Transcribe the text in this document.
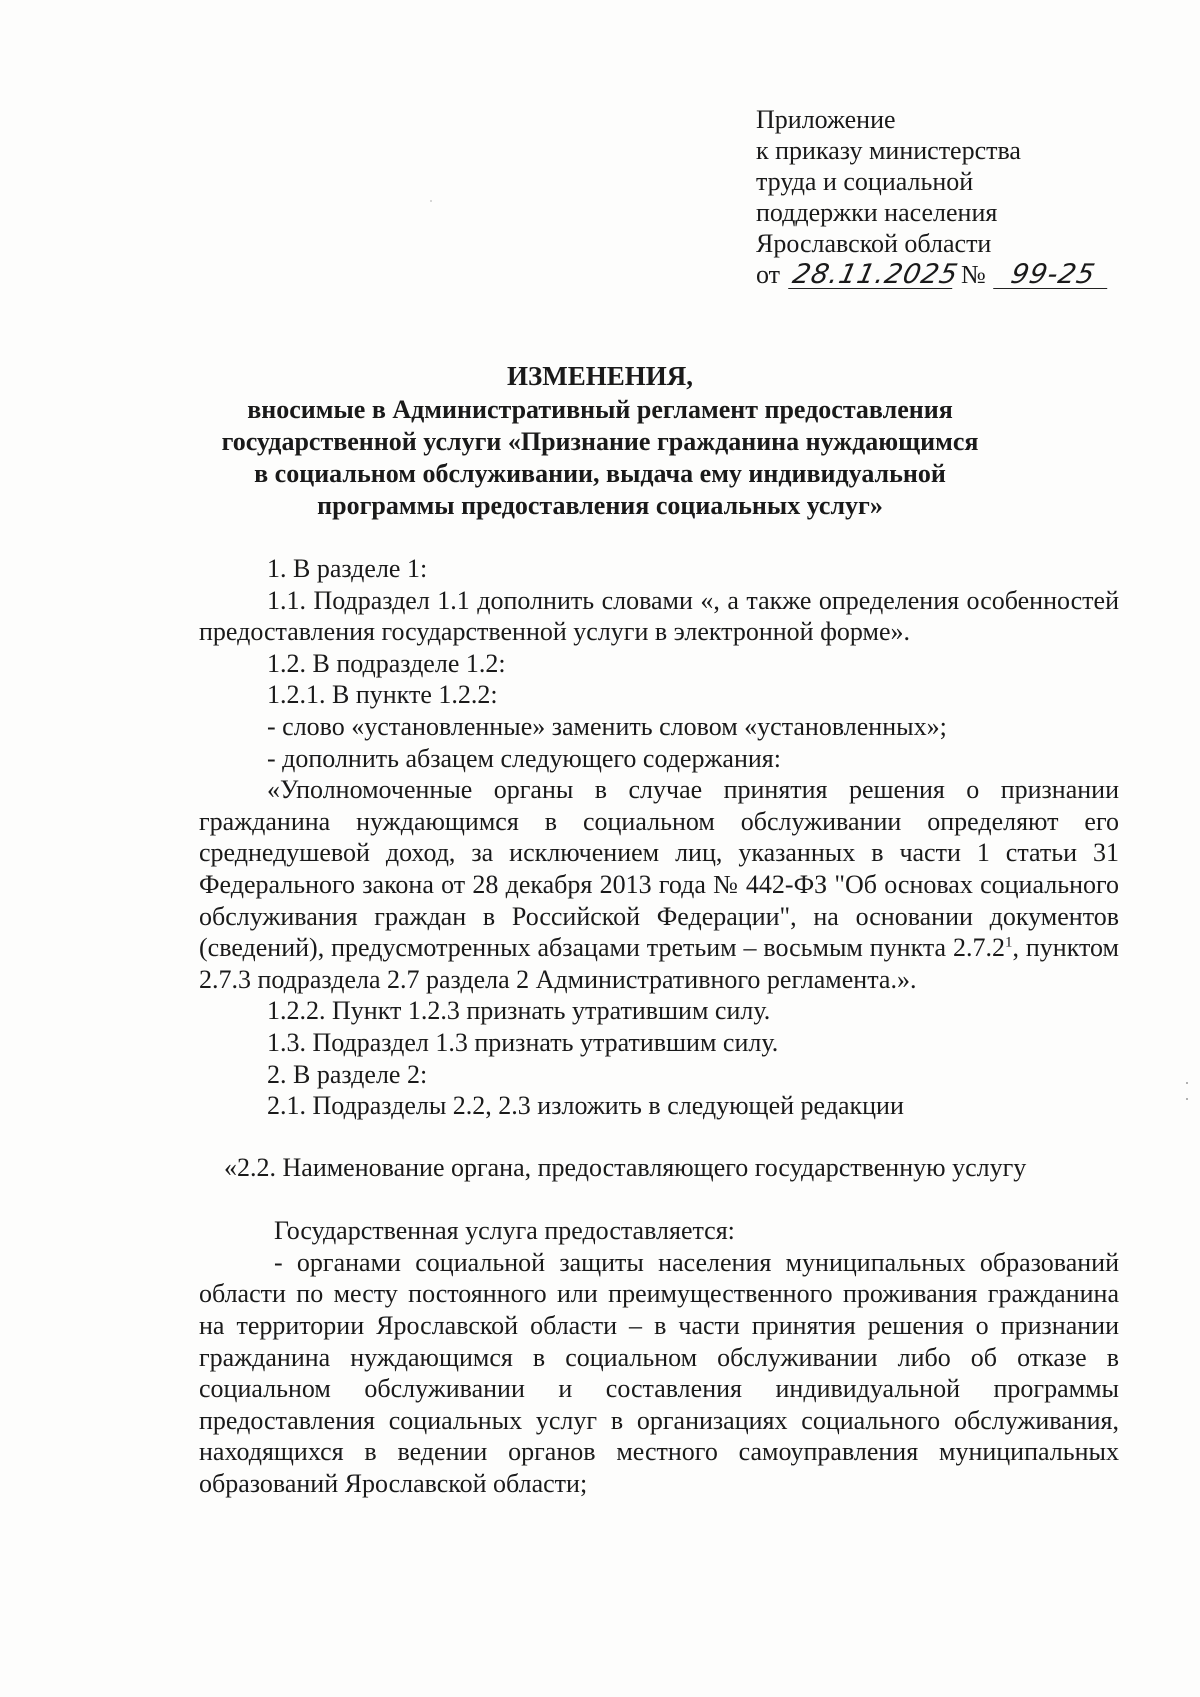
Приложение
к приказу министерства
труда и социальной
поддержки населения
Ярославской области
от 28.11.2025 № 99-25
ИЗМЕНЕНИЯ,
вносимые в Административный регламент предоставления
государственной услуги «Признание гражданина нуждающимся
в социальном обслуживании, выдача ему индивидуальной
программы предоставления социальных услуг»

1. В разделе 1:

1.1. Подраздел 1.1 дополнить словами «, а также определения особенностей предоставления государственной услуги в электронной форме».

1.2. В подразделе 1.2:

1.2.1. В пункте 1.2.2:

- слово «установленные» заменить словом «установленных»;

- дополнить абзацем следующего содержания:

«Уполномоченные органы в случае принятия решения о признании гражданина нуждающимся в социальном обслуживании определяют его среднедушевой доход, за исключением лиц, указанных в части 1 статьи 31 Федерального закона от 28 декабря 2013 года № 442-ФЗ "Об основах социального обслуживания граждан в Российской Федерации", на основании документов (сведений), предусмотренных абзацами третьим – восьмым пункта 2.7.2$^1$, пунктом 2.7.3 подраздела 2.7 раздела 2 Административного регламента.».

1.2.2. Пункт 1.2.3 признать утратившим силу.

1.3. Подраздел 1.3 признать утратившим силу.

2. В разделе 2:

2.1. Подразделы 2.2, 2.3 изложить в следующей редакции

«2.2. Наименование органа, предоставляющего государственную услугу

Государственная услуга предоставляется:

- органами социальной защиты населения муниципальных образований области по месту постоянного или преимущественного проживания гражданина на территории Ярославской области – в части принятия решения о признании гражданина нуждающимся в социальном обслуживании либо об отказе в социальном обслуживании и составления индивидуальной программы предоставления социальных услуг в организациях социального обслуживания, находящихся в ведении органов местного самоуправления муниципальных образований Ярославской области;
